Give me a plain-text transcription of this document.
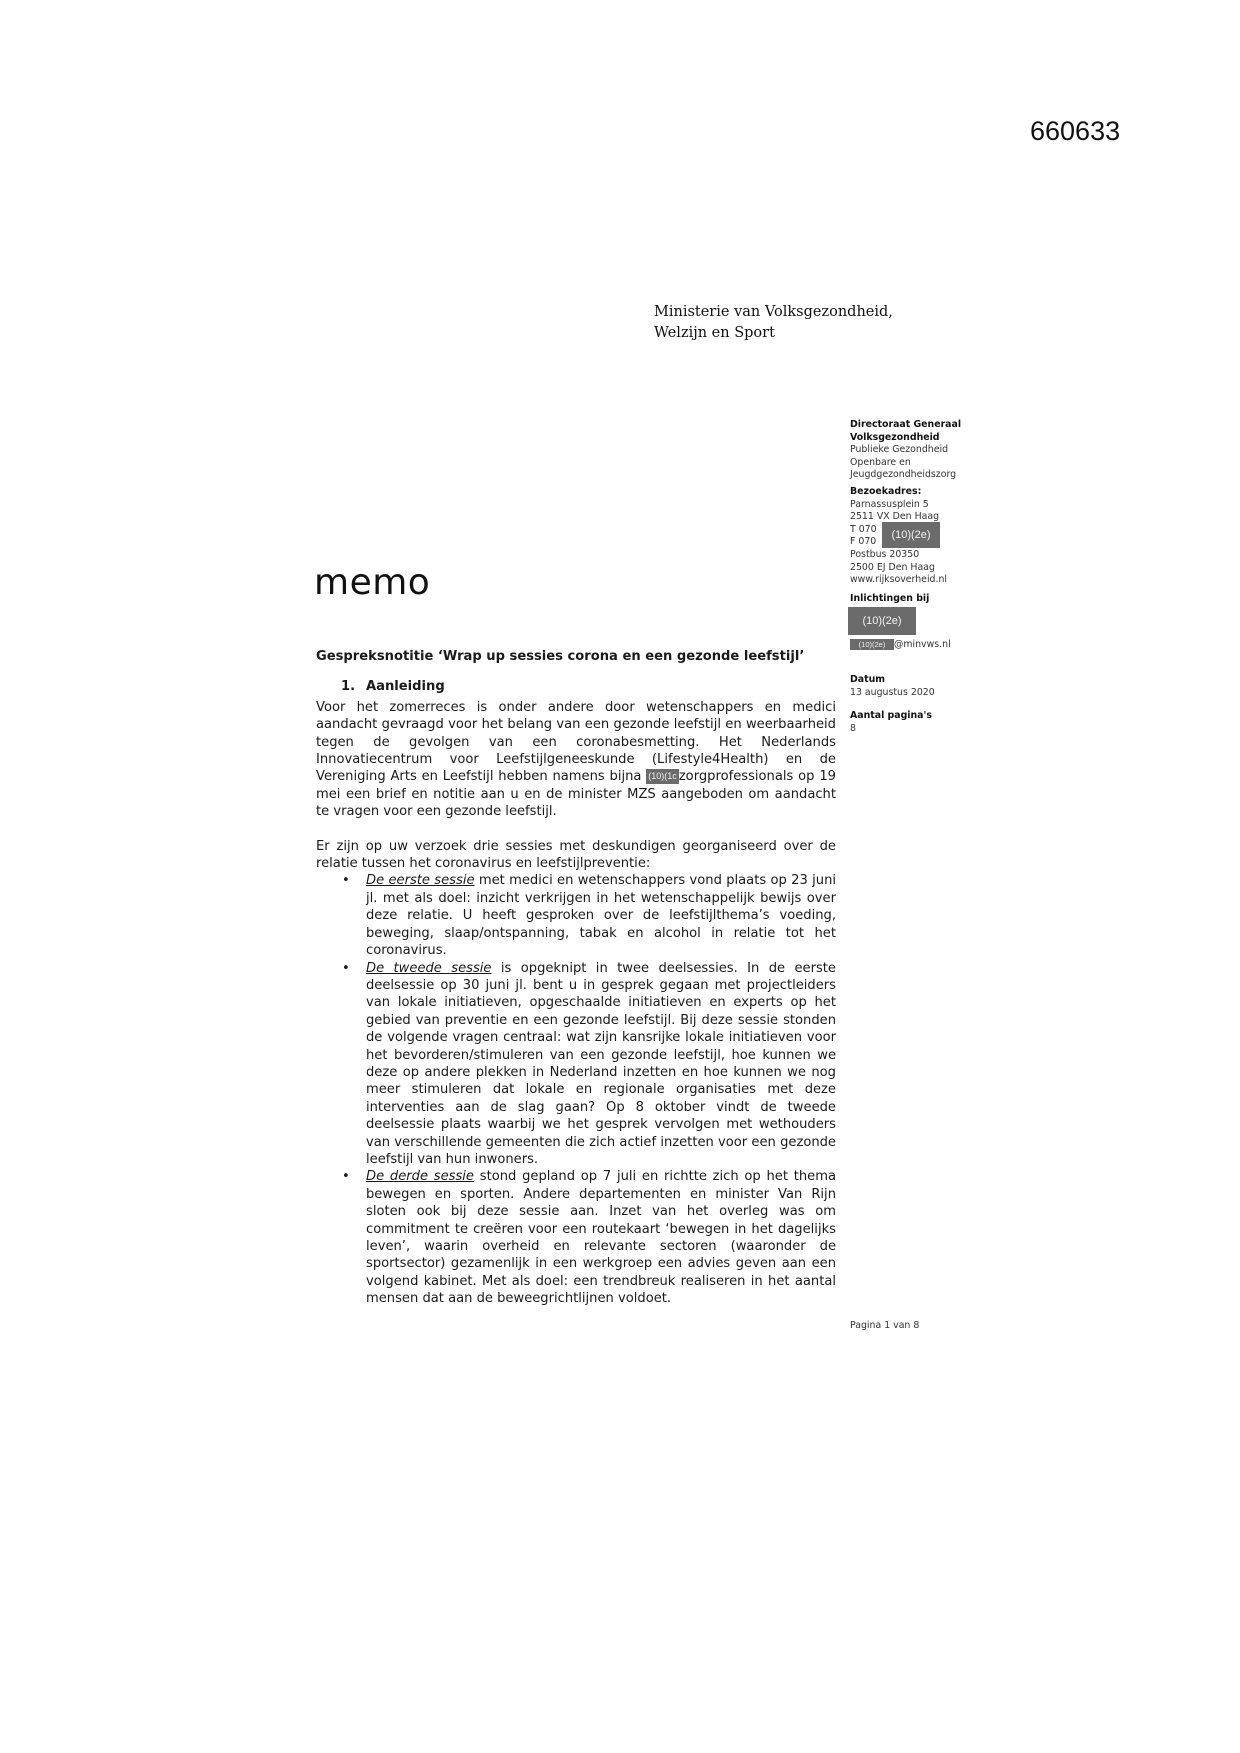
660633
Ministerie van Volksgezondheid,
Welzijn en Sport
Directoraat Generaal
Volksgezondheid
Publieke Gezondheid
Openbare en
Jeugdgezondheidszorg
Bezoekadres:
Parnassusplein 5
2511 VX Den Haag
T 070
F 070
Postbus 20350
2500 EJ Den Haag
www.rijksoverheid.nl
(10)(2e)
Inlichtingen bij
(10)(2e)
(10)(2e) @minvws.nl
Datum
13 augustus 2020
Aantal pagina's
8
memo
Gespreksnotitie ‘Wrap up sessies corona en een gezonde leefstijl’
1. Aanleiding

Voor het zomerreces is onder andere door wetenschappers en medici aandacht gevraagd voor het belang van een gezonde leefstijl en weerbaarheid tegen de gevolgen van een coronabesmetting. Het Nederlands Innovatiecentrum voor Leefstijlgeneeskunde (Lifestyle4Health) en de Vereniging Arts en Leefstijl hebben namens bijna (10)(1c zorgprofessionals op 19 mei een brief en notitie aan u en de minister MZS aangeboden om aandacht te vragen voor een gezonde leefstijl.

Er zijn op uw verzoek drie sessies met deskundigen georganiseerd over de relatie tussen het coronavirus en leefstijlpreventie:

• De eerste sessie met medici en wetenschappers vond plaats op 23 juni jl. met als doel: inzicht verkrijgen in het wetenschappelijk bewijs over deze relatie. U heeft gesproken over de leefstijlthema’s voeding, beweging, slaap/ontspanning, tabak en alcohol in relatie tot het coronavirus.
• De tweede sessie is opgeknipt in twee deelsessies. In de eerste deelsessie op 30 juni jl. bent u in gesprek gegaan met projectleiders van lokale initiatieven, opgeschaalde initiatieven en experts op het gebied van preventie en een gezonde leefstijl. Bij deze sessie stonden de volgende vragen centraal: wat zijn kansrijke lokale initiatieven voor het bevorderen/stimuleren van een gezonde leefstijl, hoe kunnen we deze op andere plekken in Nederland inzetten en hoe kunnen we nog meer stimuleren dat lokale en regionale organisaties met deze interventies aan de slag gaan? Op 8 oktober vindt de tweede deelsessie plaats waarbij we het gesprek vervolgen met wethouders van verschillende gemeenten die zich actief inzetten voor een gezonde leefstijl van hun inwoners.
• De derde sessie stond gepland op 7 juli en richtte zich op het thema bewegen en sporten. Andere departementen en minister Van Rijn sloten ook bij deze sessie aan. Inzet van het overleg was om commitment te creëren voor een routekaart ‘bewegen in het dagelijks leven’, waarin overheid en relevante sectoren (waaronder de sportsector) gezamenlijk in een werkgroep een advies geven aan een volgend kabinet. Met als doel: een trendbreuk realiseren in het aantal mensen dat aan de beweegrichtlijnen voldoet.
Pagina 1 van 8
